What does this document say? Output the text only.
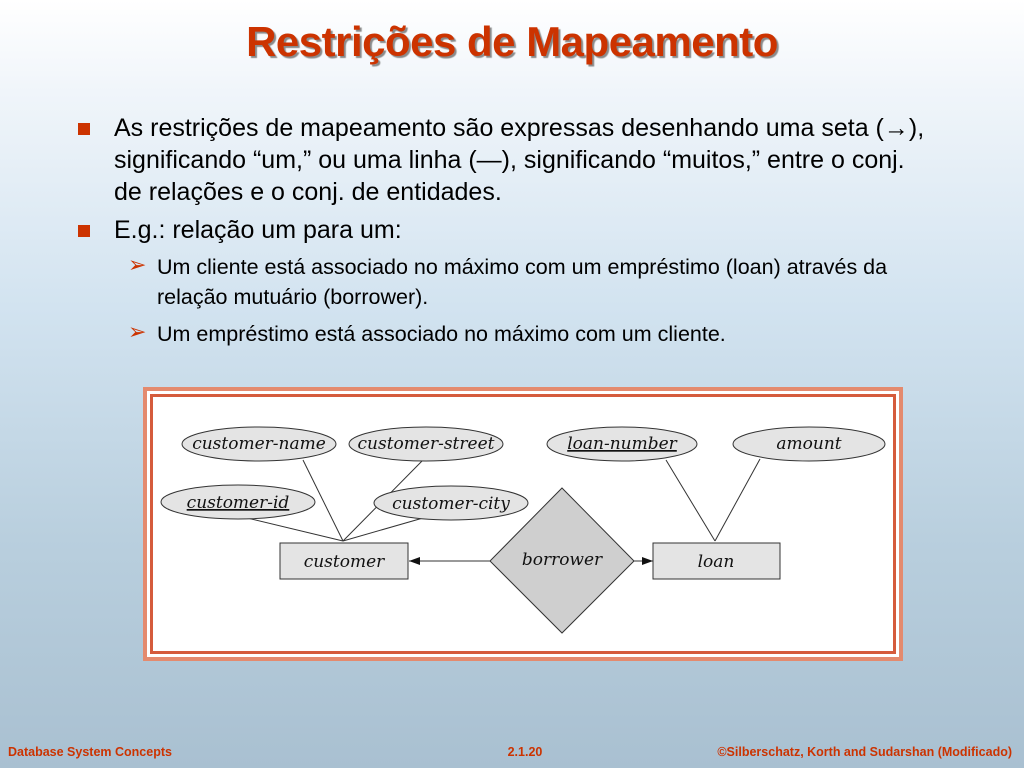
Restrições de Mapeamento
As restrições de mapeamento são expressas desenhando uma seta (→), significando “um,” ou uma linha (—), significando “muitos,” entre o conj. de relações e o conj. de entidades.
E.g.: relação um para um:
➢ Um cliente está associado no máximo com um empréstimo (loan) através da relação mutuário (borrower).
➢ Um empréstimo está associado no máximo com um cliente.
customer-name customer-street
customer-id	customer-city
loan-number	amount
customer	loan
borrower
Database System Concepts	2.1.20	©Silberschatz, Korth and Sudarshan (Modificado)
